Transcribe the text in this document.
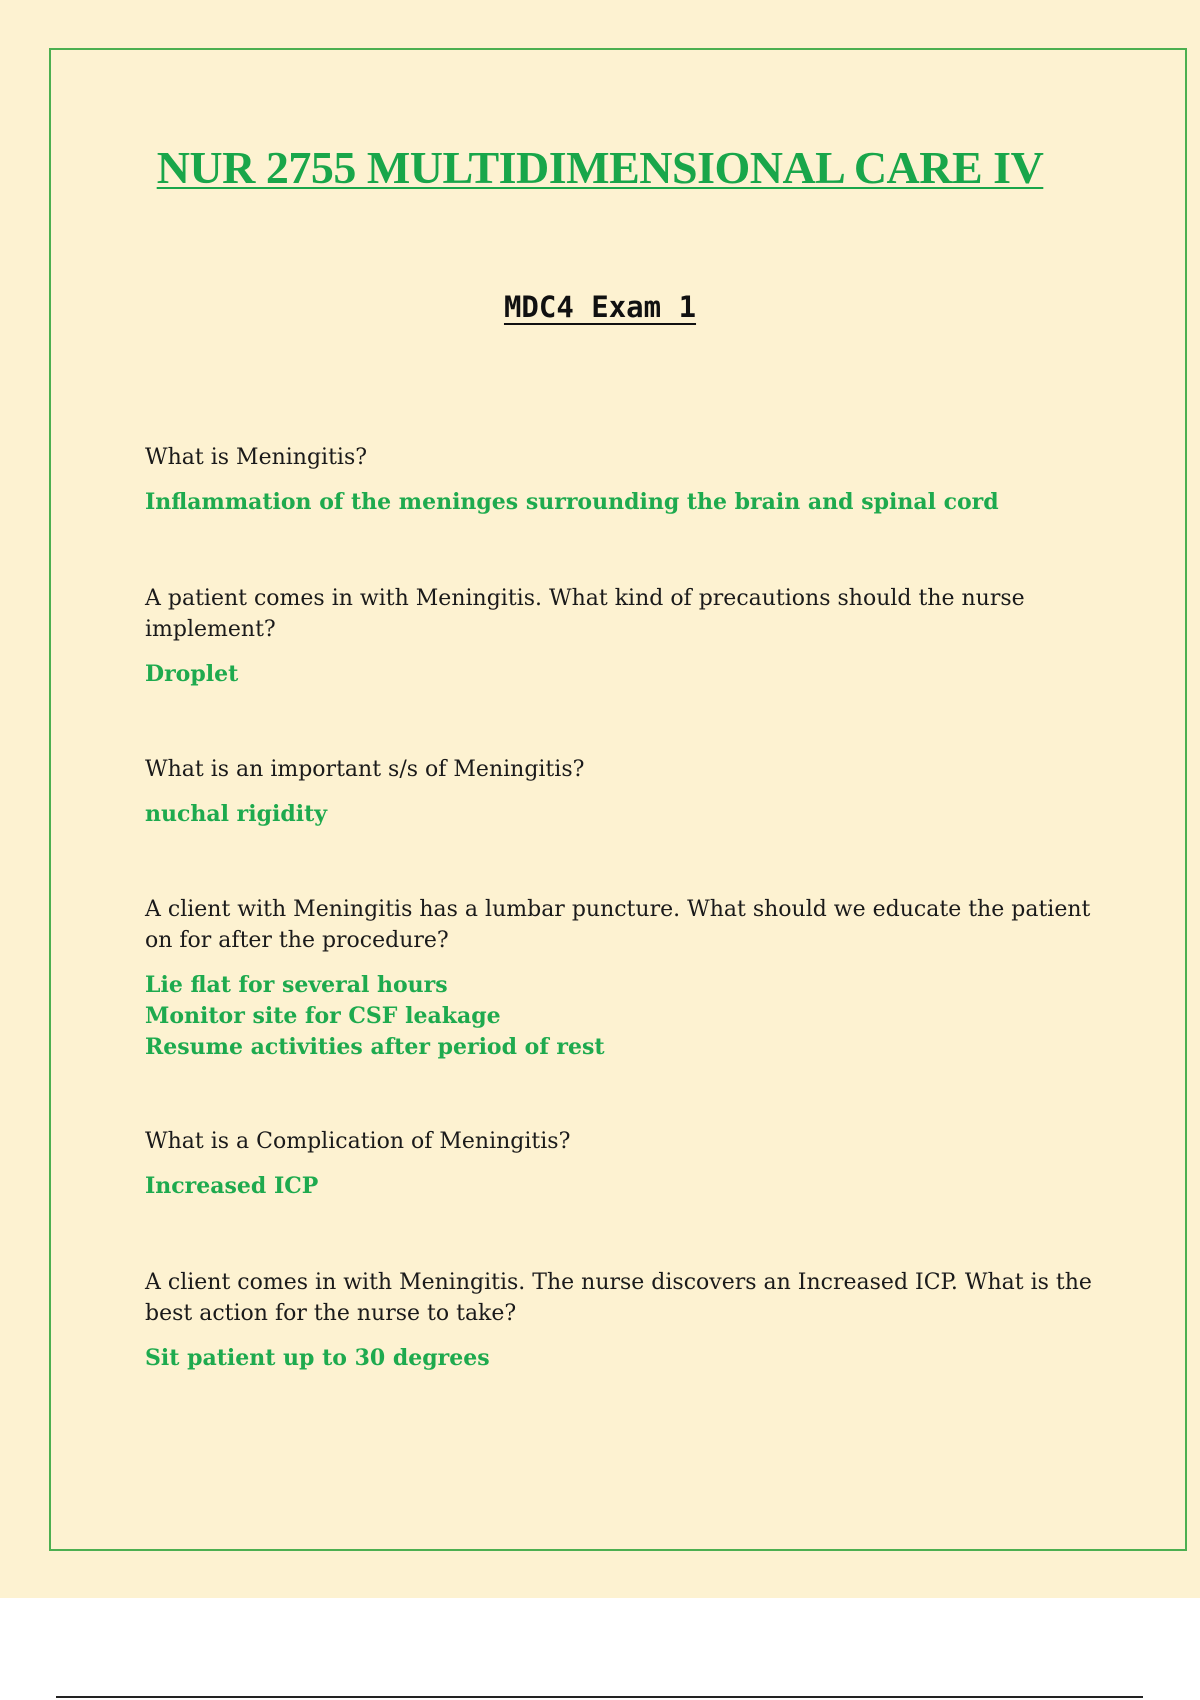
NUR 2755 MULTIDIMENSIONAL CARE IV
MDC4 Exam 1

What is Meningitis?

Inflammation of the meninges surrounding the brain and spinal cord

A patient comes in with Meningitis. What kind of precautions should the nurse implement?

Droplet

What is an important s/s of Meningitis?

nuchal rigidity

A client with Meningitis has a lumbar puncture. What should we educate the patient on for after the procedure?

Lie flat for several hours
Monitor site for CSF leakage
Resume activities after period of rest

What is a Complication of Meningitis?

Increased ICP

A client comes in with Meningitis. The nurse discovers an Increased ICP. What is the best action for the nurse to take?

Sit patient up to 30 degrees
